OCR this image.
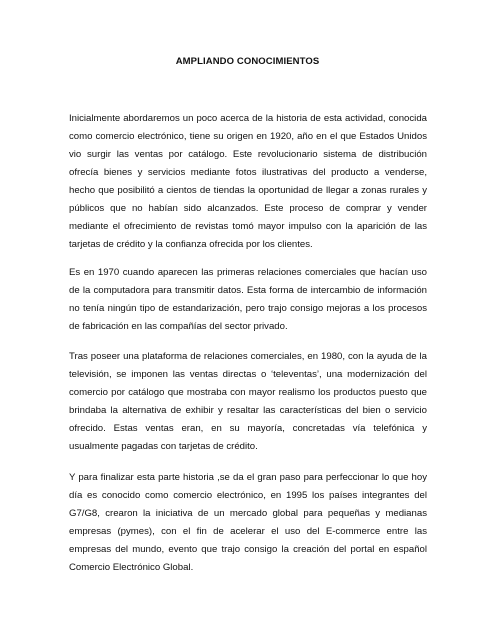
AMPLIANDO CONOCIMIENTOS

Inicialmente abordaremos un poco acerca de la historia de esta actividad, conocida como comercio electrónico, tiene su origen en 1920, año en el que Estados Unidos vio surgir las ventas por catálogo. Este revolucionario sistema de distribución ofrecía bienes y servicios mediante fotos ilustrativas del producto a venderse, hecho que posibilitó a cientos de tiendas la oportunidad de llegar a zonas rurales y públicos que no habían sido alcanzados. Este proceso de comprar y vender mediante el ofrecimiento de revistas tomó mayor impulso con la aparición de las tarjetas de crédito y la confianza ofrecida por los clientes.

Es en 1970 cuando aparecen las primeras relaciones comerciales que hacían uso de la computadora para transmitir datos. Esta forma de intercambio de información no tenía ningún tipo de estandarización, pero trajo consigo mejoras a los procesos de fabricación en las compañías del sector privado.

Tras poseer una plataforma de relaciones comerciales, en 1980, con la ayuda de la televisión, se imponen las ventas directas o ‘televentas’, una modernización del comercio por catálogo que mostraba con mayor realismo los productos puesto que brindaba la alternativa de exhibir y resaltar las características del bien o servicio ofrecido. Estas ventas eran, en su mayoría, concretadas vía telefónica y usualmente pagadas con tarjetas de crédito.

Y para finalizar esta parte historia ,se da el gran paso para perfeccionar lo que hoy día es conocido como comercio electrónico, en 1995 los países integrantes del G7/G8, crearon la iniciativa de un mercado global para pequeñas y medianas empresas (pymes), con el fin de acelerar el uso del E-commerce entre las empresas del mundo, evento que trajo consigo la creación del portal en español Comercio Electrónico Global.
